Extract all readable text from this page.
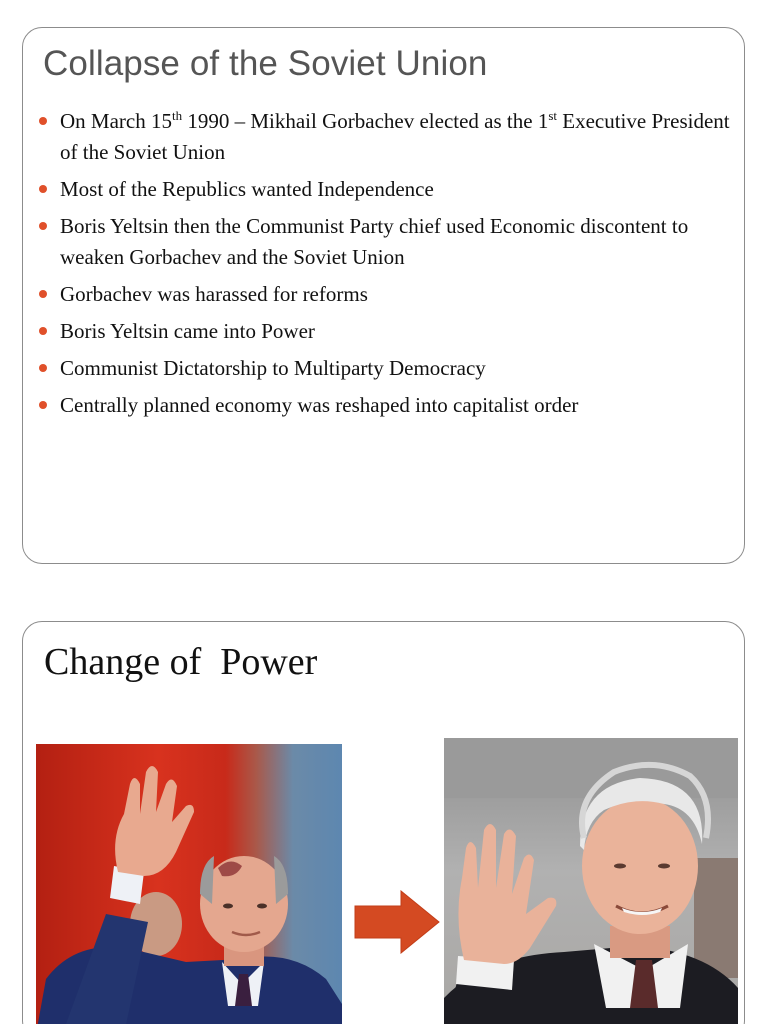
Collapse of the Soviet Union
On March 15th 1990 – Mikhail Gorbachev elected as the 1st Executive President of the Soviet Union
Most of the Republics wanted Independence
Boris Yeltsin then the Communist Party chief used Economic discontent to weaken Gorbachev and the Soviet Union
Gorbachev was harassed for reforms
Boris Yeltsin came into Power
Communist Dictatorship to Multiparty Democracy
Centrally planned economy was reshaped into capitalist order
Change of  Power
